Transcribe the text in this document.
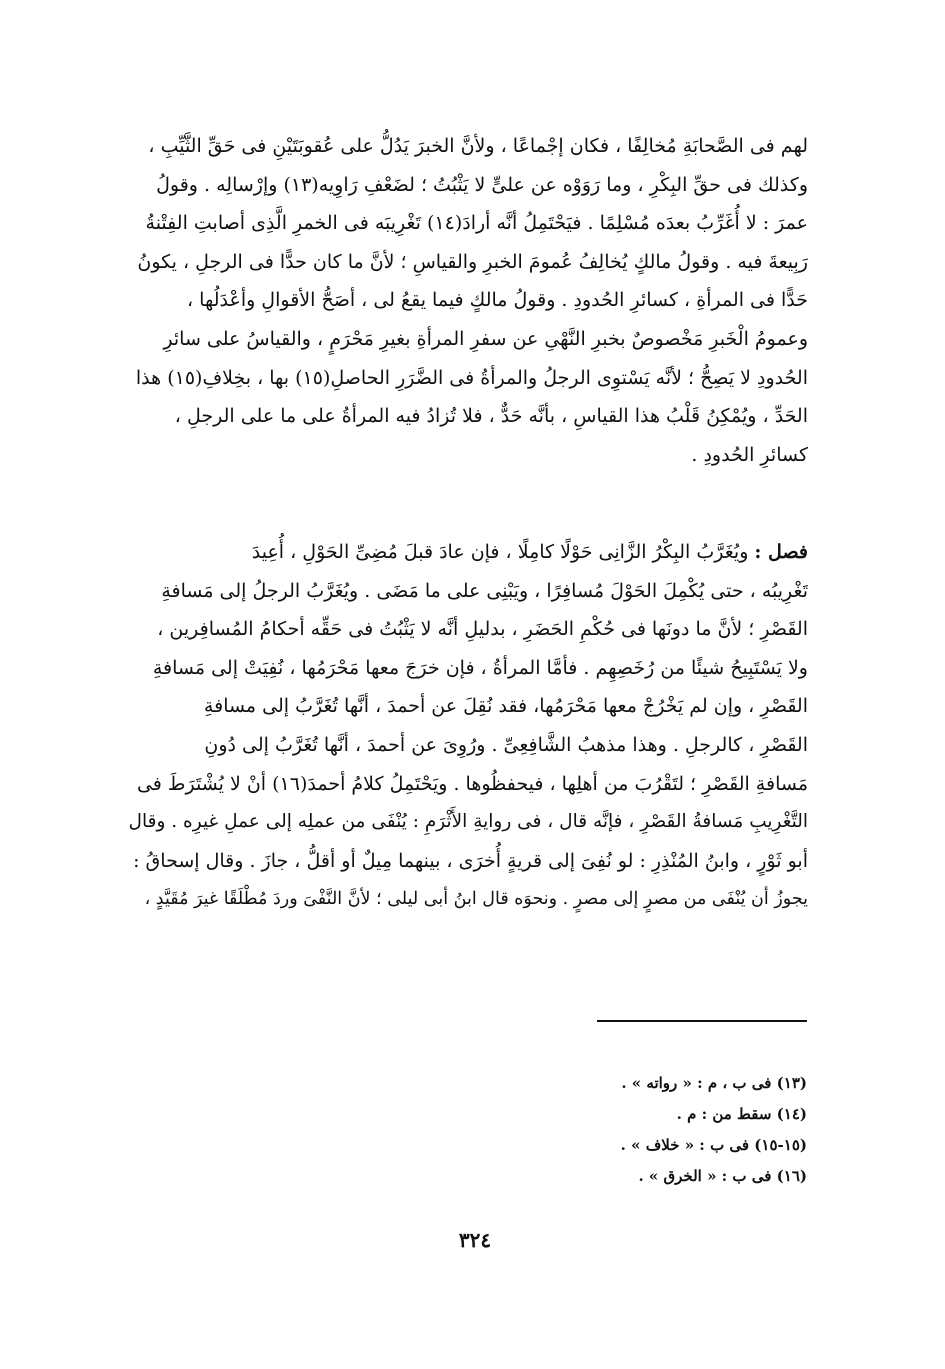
لهم فى الصَّحابَةِ مُخالِفًا ، فكان إجْماعًا ، ولأنَّ الخبرَ يَدُلُّ على عُقوبَتَيْنِ فى حَقِّ الثَّيِّبِ ،
وكذلك فى حقِّ البِكْرِ ، وما رَوَوْه عن علىٍّ لا يَثْبُتُ ؛ لضَعْفِ رَاوِيه(١٣) وإرْسالِه . وقولُ
عمرَ : لا أُغَرِّبُ بعدَه مُسْلِمًا . فيَحْتَمِلُ أنَّه أرادَ(١٤) تَغْرِيبَه فى الخمرِ الَّذِى أصابتِ الفِتْنةُ
رَبِيعةَ فيه . وقولُ مالكٍ يُخالِفُ عُمومَ الخبرِ والقياسِ ؛ لأنَّ ما كان حدًّا فى الرجلِ ، يكونُ
حَدًّا فى المرأةِ ، كسائرِ الحُدودِ . وقولُ مالكٍ فيما يقعُ لى ، أصَحُّ الأقوالِ وأعْدَلُها ،
وعمومُ الْخَبرِ مَخْصوصٌ بخبرِ النَّهْىِ عن سفرِ المرأةِ بغيرِ مَحْرَمٍ ، والقياسُ على سائرِ
الحُدودِ لا يَصِحُّ ؛ لأنَّه يَسْتوِى الرجلُ والمرأةُ فى الضَّرَرِ الحاصلِ(١٥) بها ، بخِلافِ(١٥) هذا
الحَدِّ ، ويُمْكِنُ قَلْبُ هذا القياسِ ، بأنَّه حَدٌّ ، فلا تُزادُ فيه المرأةُ على ما على الرجلِ ،
كسائرِ الحُدودِ .
فصل : ويُغَرَّبُ البِكْرُ الزَّانِى حَوْلًا كامِلًا ، فإن عادَ قبلَ مُضِىِّ الحَوْلِ ، أُعِيدَ
تَغْرِيبُه ، حتى يُكْمِلَ الحَوْلَ مُسافِرًا ، ويَبْنِى على ما مَضَى . ويُغَرَّبُ الرجلُ إلى مَسافةِ
القَصْرِ ؛ لأنَّ ما دونَها فى حُكْمِ الحَضَرِ ، بدليلِ أنَّه لا يَثْبُتُ فى حَقِّه أحكامُ المُسافِرين ،
ولا يَسْتَبِيحُ شيئًا من رُخَصِهِم . فأمَّا المرأةُ ، فإن خرَجَ معها مَحْرَمُها ، نُفِيَتْ إلى مَسافةِ
القَصْرِ ، وإن لم يَخْرُجْ معها مَحْرَمُها، فقد نُقِلَ عن أحمدَ ، أنَّها تُغَرَّبُ إلى مسافةِ
القَصْرِ ، كالرجلِ . وهذا مذهبُ الشَّافِعِىِّ . ورُوِىَ عن أحمدَ ، أنَّها تُغَرَّبُ إلى دُونِ
مَسافةِ القَصْرِ ؛ لتَقْرُبَ من أهلِها ، فيحفظُوها . ويَحْتَمِلُ كلامُ أحمدَ(١٦) أنْ لا يُشْتَرَطَ فى
التَّغْرِيبِ مَسافةُ القَصْرِ ، فإنَّه قال ، فى روايةِ الأَثْرَمِ : يُنْفَى من عملِه إلى عملِ غيرِه . وقال
أبو ثَوْرٍ ، وابنُ المُنْذِرِ : لو نُفِىَ إلى قريةٍ أُخرَى ، بينهما مِيلٌ أو أقلُّ ، جازَ . وقال إسحاقُ :
يجوزُ أن يُنْفَى من مصرٍ إلى مصرٍ . ونحوَه قال ابنُ أبى ليلى ؛ لأنَّ النَّفْىَ وردَ مُطْلَقًا غيرَ مُقَيَّدٍ ،
(١٣) فى ب ، م : « رواته » .
(١٤) سقط من : م .
(١٥-١٥) فى ب : « خلاف » .
(١٦) فى ب : « الخرق » .
٣٢٤
